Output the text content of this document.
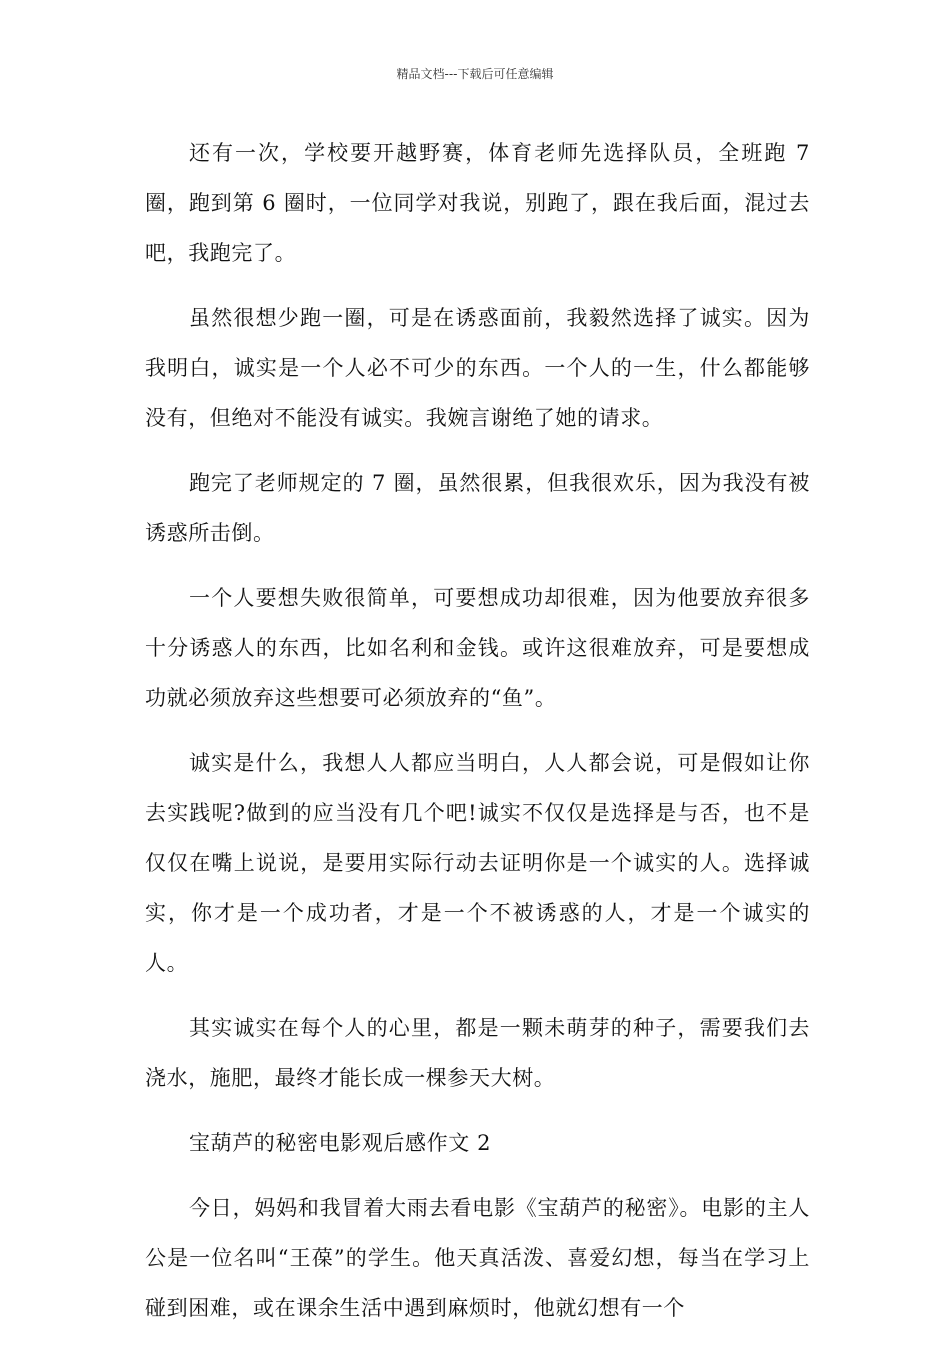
精品文档---下载后可任意编辑

还有一次，学校要开越野赛，体育老师先选择队员，全班跑 7 圈，跑到第 6 圈时，一位同学对我说，别跑了，跟在我后面，混过去吧，我跑完了。

虽然很想少跑一圈，可是在诱惑面前，我毅然选择了诚实。因为我明白，诚实是一个人必不可少的东西。一个人的一生，什么都能够没有，但绝对不能没有诚实。我婉言谢绝了她的请求。

跑完了老师规定的 7 圈，虽然很累，但我很欢乐，因为我没有被诱惑所击倒。

一个人要想失败很简单，可要想成功却很难，因为他要放弃很多十分诱惑人的东西，比如名利和金钱。或许这很难放弃，可是要想成功就必须放弃这些想要可必须放弃的“鱼”。

诚实是什么，我想人人都应当明白，人人都会说，可是假如让你去实践呢?做到的应当没有几个吧!诚实不仅仅是选择是与否，也不是仅仅在嘴上说说，是要用实际行动去证明你是一个诚实的人。选择诚实，你才是一个成功者，才是一个不被诱惑的人，才是一个诚实的人。

其实诚实在每个人的心里，都是一颗未萌芽的种子，需要我们去浇水，施肥，最终才能长成一棵参天大树。

宝葫芦的秘密电影观后感作文 2

今日，妈妈和我冒着大雨去看电影《宝葫芦的秘密》。电影的主人公是一位名叫“王葆”的学生。他天真活泼、喜爱幻想，每当在学习上碰到困难，或在课余生活中遇到麻烦时，他就幻想有一个
